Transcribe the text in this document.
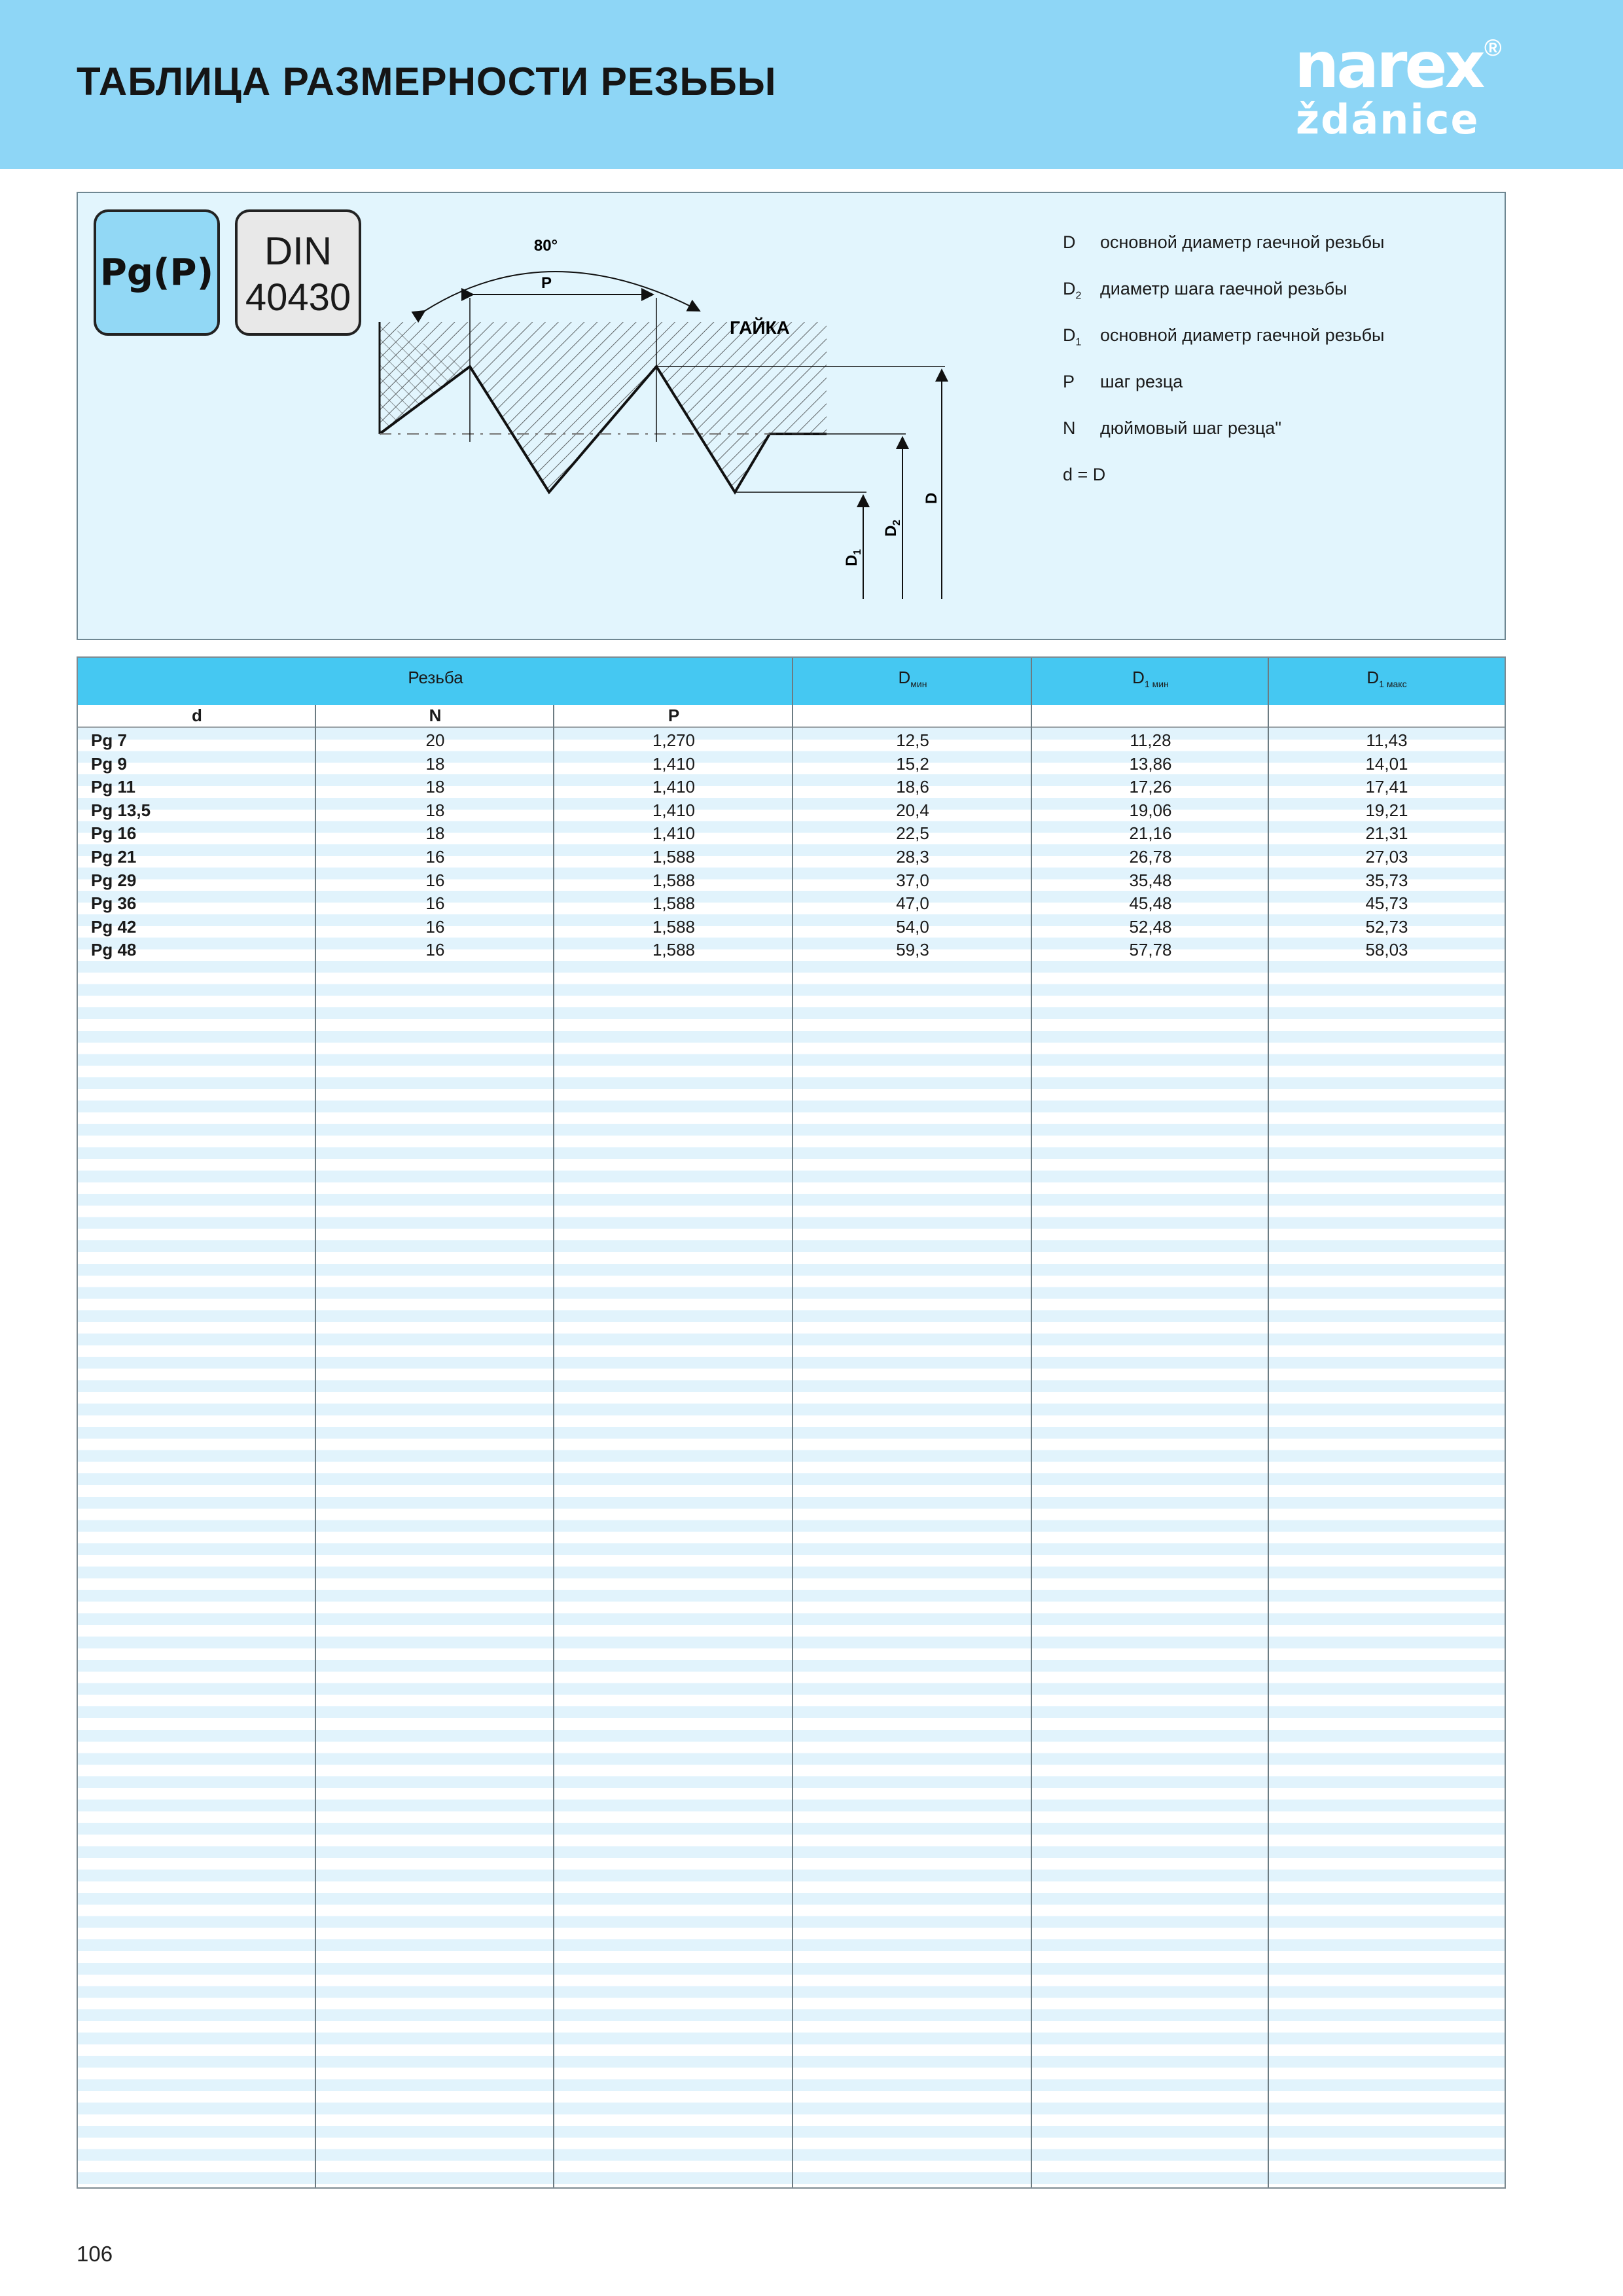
ТАБЛИЦА РАЗМЕРНОСТИ РЕЗЬБЫ	narex
ždánice
®
Pg(P)	DIN
40430
80°
P
ГАЙКА
D
D
2
D
1
D основной диаметр гаечной резьбы
$D_2$ диаметр шага гаечной резьбы
$D_1$ основной диаметр гаечной резьбы
P шаг резца
N дюймовый шаг резца"
d = D
Резьба	$D_{мин}$	$D_{1 мин}$	$D_{1 макс}$
d	N	P
Pg 7	20	1,270	12,5	11,28	11,43
Pg 9	18	1,410	15,2	13,86	14,01
Pg 11	18	1,410	18,6	17,26	17,41
Pg 13,5	18	1,410	20,4	19,06	19,21
Pg 16	18	1,410	22,5	21,16	21,31
Pg 21	16	1,588	28,3	26,78	27,03
Pg 29	16	1,588	37,0	35,48	35,73
Pg 36	16	1,588	47,0	45,48	45,73
Pg 42	16	1,588	54,0	52,48	52,73
Pg 48	16	1,588	59,3	57,78	58,03
106
